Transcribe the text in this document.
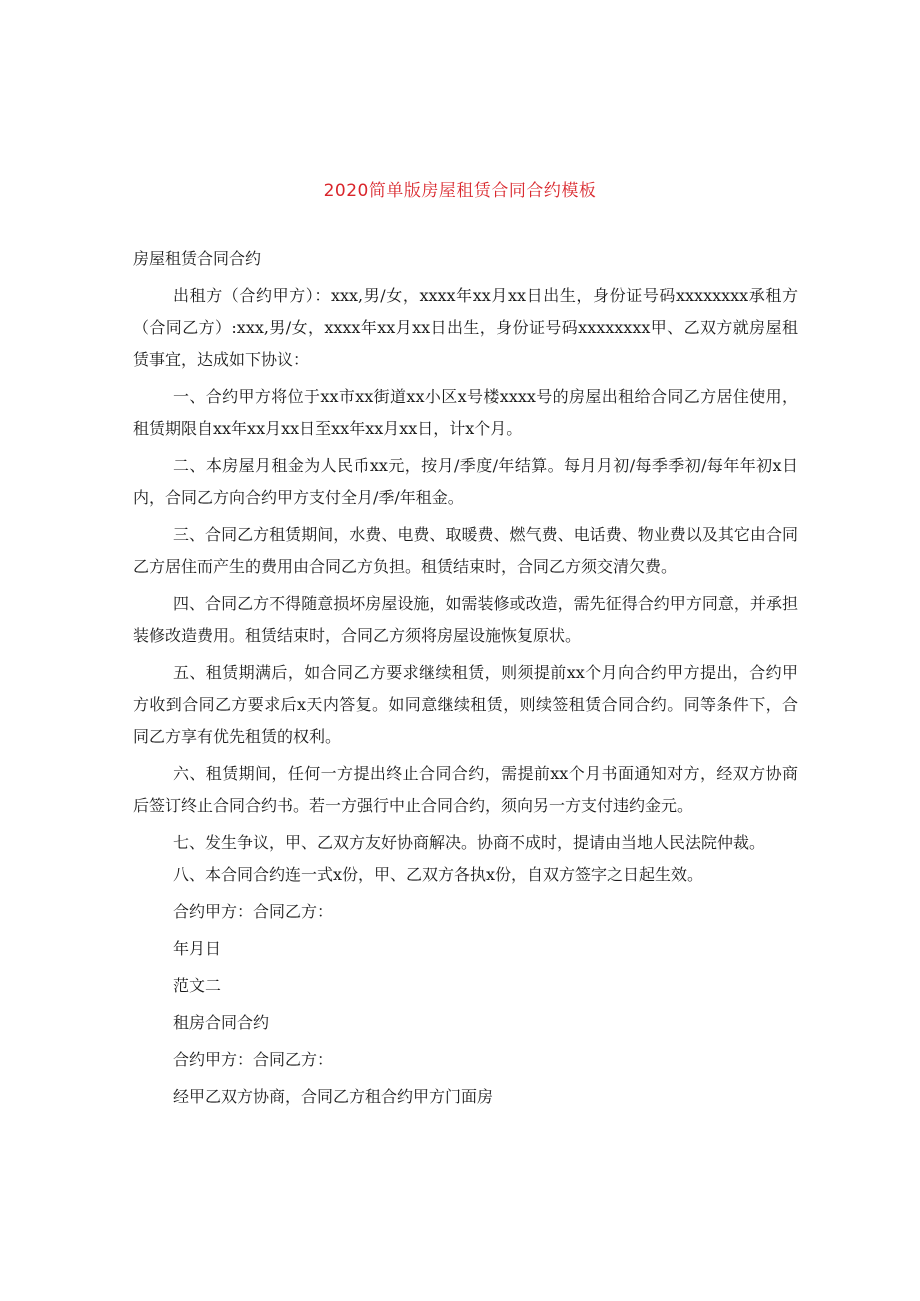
2020简单版房屋租赁合同合约模板

房屋租赁合同合约

出租方（合约甲方）：xxx,男/女，xxxx年xx月xx日出生，身份证号码xxxxxxxx承租方（合同乙方）:xxx,男/女，xxxx年xx月xx日出生，身份证号码xxxxxxxx甲、乙双方就房屋租赁事宜，达成如下协议：

一、合约甲方将位于xx市xx街道xx小区x号楼xxxx号的房屋出租给合同乙方居住使用，租赁期限自xx年xx月xx日至xx年xx月xx日，计x个月。

二、本房屋月租金为人民币xx元，按月/季度/年结算。每月月初/每季季初/每年年初x日内，合同乙方向合约甲方支付全月/季/年租金。

三、合同乙方租赁期间，水费、电费、取暖费、燃气费、电话费、物业费以及其它由合同乙方居住而产生的费用由合同乙方负担。租赁结束时，合同乙方须交清欠费。

四、合同乙方不得随意损坏房屋设施，如需装修或改造，需先征得合约甲方同意，并承担装修改造费用。租赁结束时，合同乙方须将房屋设施恢复原状。

五、租赁期满后，如合同乙方要求继续租赁，则须提前xx个月向合约甲方提出，合约甲方收到合同乙方要求后x天内答复。如同意继续租赁，则续签租赁合同合约。同等条件下，合同乙方享有优先租赁的权利。

六、租赁期间，任何一方提出终止合同合约，需提前xx个月书面通知对方，经双方协商后签订终止合同合约书。若一方强行中止合同合约，须向另一方支付违约金元。

七、发生争议，甲、乙双方友好协商解决。协商不成时，提请由当地人民法院仲裁。

八、本合同合约连一式x份，甲、乙双方各执x份，自双方签字之日起生效。

合约甲方：合同乙方：

年月日

范文二

租房合同合约

合约甲方：合同乙方：

经甲乙双方协商，合同乙方租合约甲方门面房
